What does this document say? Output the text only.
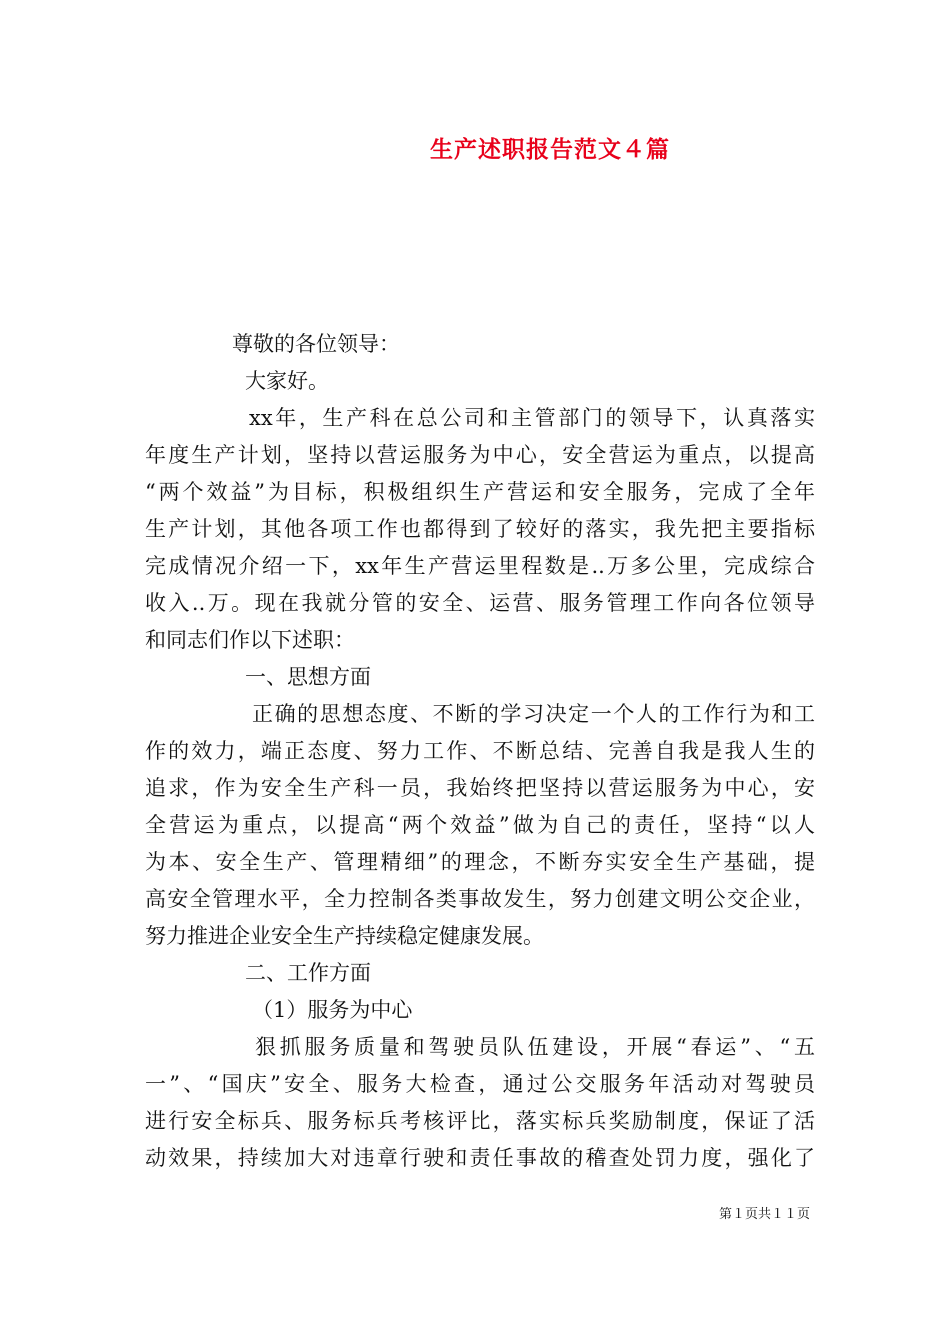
生产述职报告范文４篇
尊敬的各位领导：
大家好。
xx年，生产科在总公司和主管部门的领导下，认真落实
年度生产计划，坚持以营运服务为中心，安全营运为重点，以提高
“两个效益”为目标，积极组织生产营运和安全服务，完成了全年
生产计划，其他各项工作也都得到了较好的落实，我先把主要指标
完成情况介绍一下，xx年生产营运里程数是..万多公里，完成综合
收入..万。现在我就分管的安全、运营、服务管理工作向各位领导
和同志们作以下述职：
一、思想方面
正确的思想态度、不断的学习决定一个人的工作行为和工
作的效力，端正态度、努力工作、不断总结、完善自我是我人生的
追求，作为安全生产科一员，我始终把坚持以营运服务为中心，安
全营运为重点，以提高“两个效益”做为自己的责任，坚持“以人
为本、安全生产、管理精细”的理念，不断夯实安全生产基础，提
高安全管理水平，全力控制各类事故发生，努力创建文明公交企业，
努力推进企业安全生产持续稳定健康发展。
二、工作方面
（1）服务为中心
狠抓服务质量和驾驶员队伍建设，开展“春运”、“五
一”、“国庆”安全、服务大检查，通过公交服务年活动对驾驶员
进行安全标兵、服务标兵考核评比，落实标兵奖励制度，保证了活
动效果，持续加大对违章行驶和责任事故的稽查处罚力度，强化了
第１页共１１页
